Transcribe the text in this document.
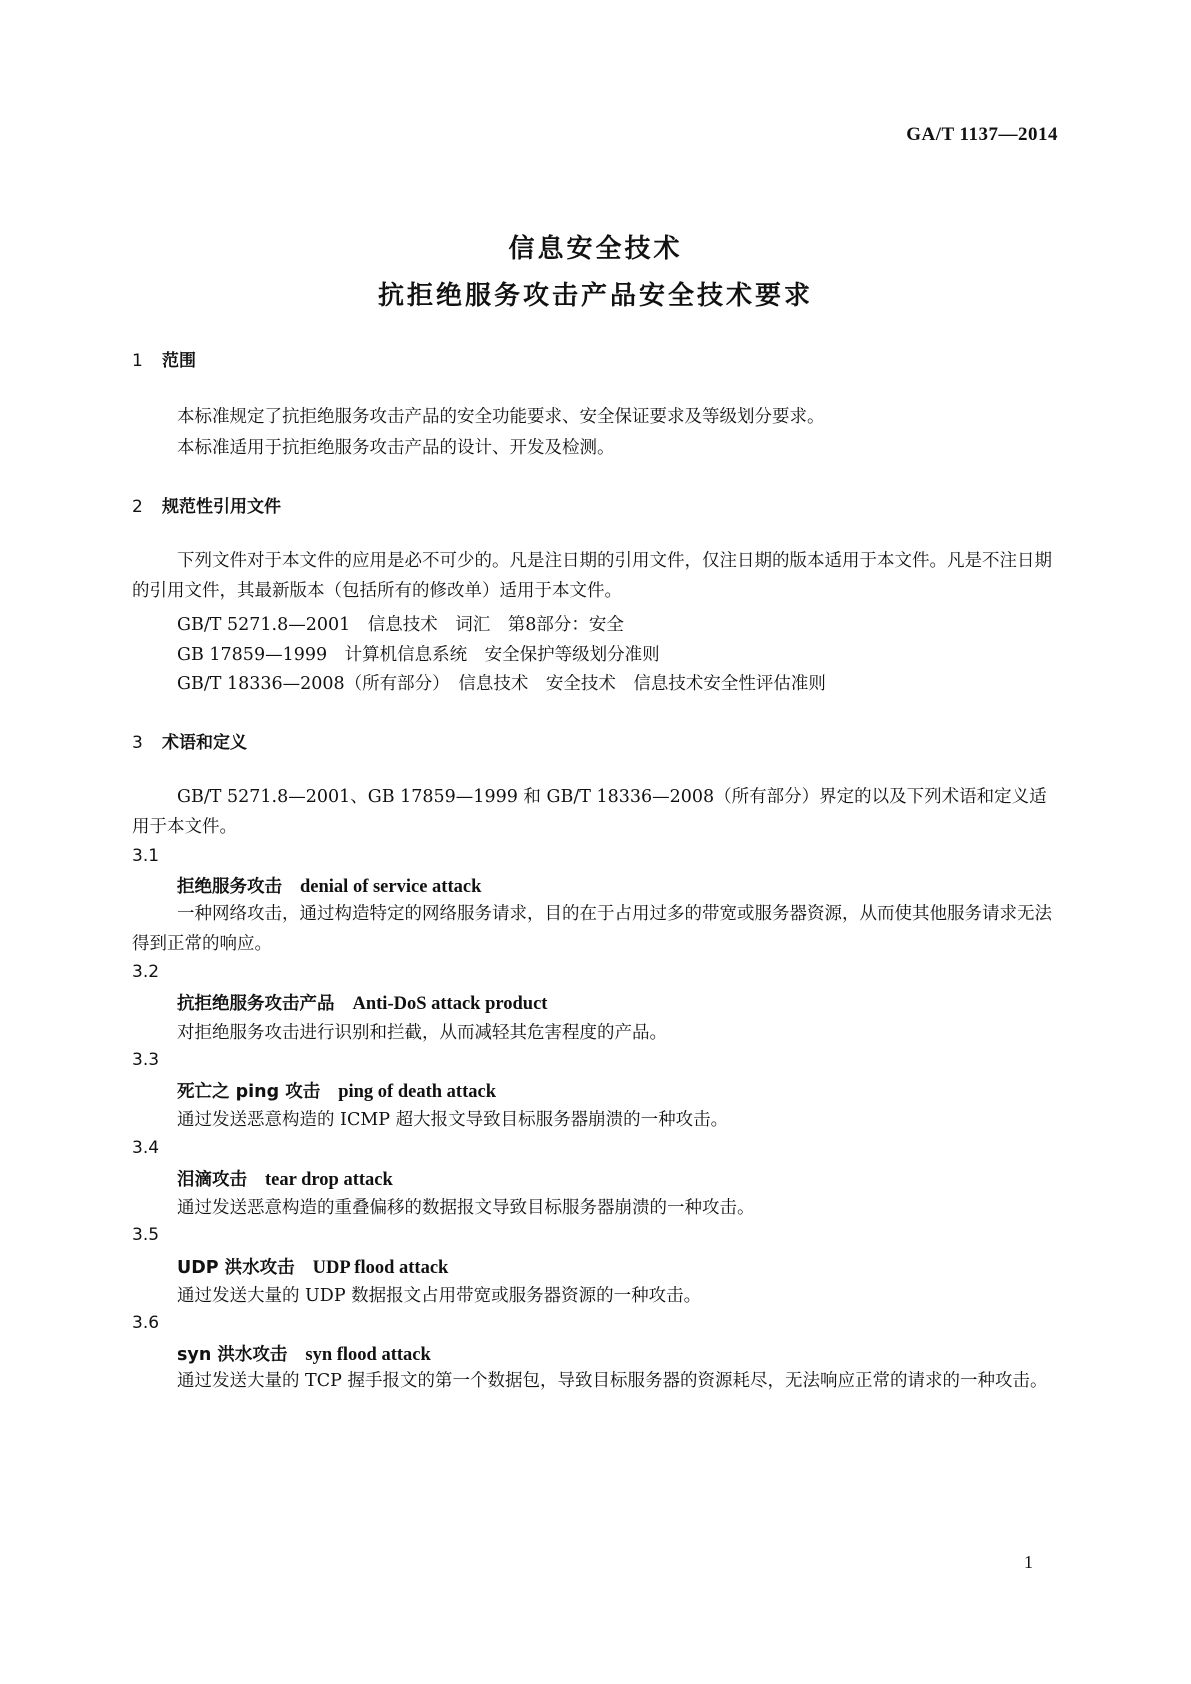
GA/T 1137—2014
信息安全技术
抗拒绝服务攻击产品安全技术要求
1 范围
本标准规定了抗拒绝服务攻击产品的安全功能要求、安全保证要求及等级划分要求。
本标准适用于抗拒绝服务攻击产品的设计、开发及检测。
2 规范性引用文件
下列文件对于本文件的应用是必不可少的。凡是注日期的引用文件，仅注日期的版本适用于本文件。凡是不注日期的引用文件，其最新版本（包括所有的修改单）适用于本文件。
GB/T 5271.8—2001　信息技术　词汇　第8部分：安全
GB 17859—1999　计算机信息系统　安全保护等级划分准则
GB/T 18336—2008（所有部分）　信息技术　安全技术　信息技术安全性评估准则
3 术语和定义
GB/T 5271.8—2001、GB 17859—1999 和 GB/T 18336—2008（所有部分）界定的以及下列术语和定义适用于本文件。
3.1
拒绝服务攻击 denial of service attack
一种网络攻击，通过构造特定的网络服务请求，目的在于占用过多的带宽或服务器资源，从而使其他服务请求无法得到正常的响应。
3.2
抗拒绝服务攻击产品 Anti-DoS attack product
对拒绝服务攻击进行识别和拦截，从而减轻其危害程度的产品。
3.3
死亡之 ping 攻击 ping of death attack
通过发送恶意构造的 ICMP 超大报文导致目标服务器崩溃的一种攻击。
3.4
泪滴攻击 tear drop attack
通过发送恶意构造的重叠偏移的数据报文导致目标服务器崩溃的一种攻击。
3.5
UDP 洪水攻击 UDP flood attack
通过发送大量的 UDP 数据报文占用带宽或服务器资源的一种攻击。
3.6
syn 洪水攻击 syn flood attack
通过发送大量的 TCP 握手报文的第一个数据包，导致目标服务器的资源耗尽，无法响应正常的请求的一种攻击。
1
